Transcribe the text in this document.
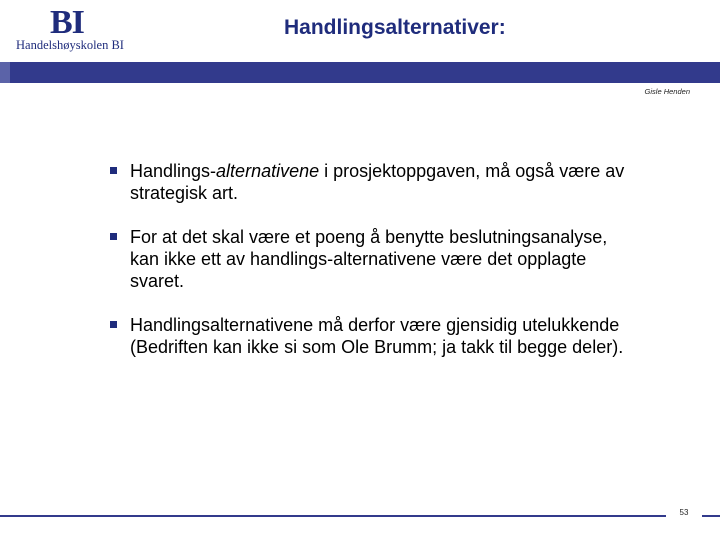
BI
Handelshøyskolen BI
Handlingsalternativer:
Gisle Henden
Handlings-alternativene i prosjektoppgaven, må også være av strategisk art.
For at det skal være et poeng å benytte beslutningsanalyse, kan ikke ett av handlings-alternativene være det opplagte svaret.
Handlingsalternativene må derfor være gjensidig utelukkende (Bedriften kan ikke si som Ole Brumm; ja takk til begge deler).
53
